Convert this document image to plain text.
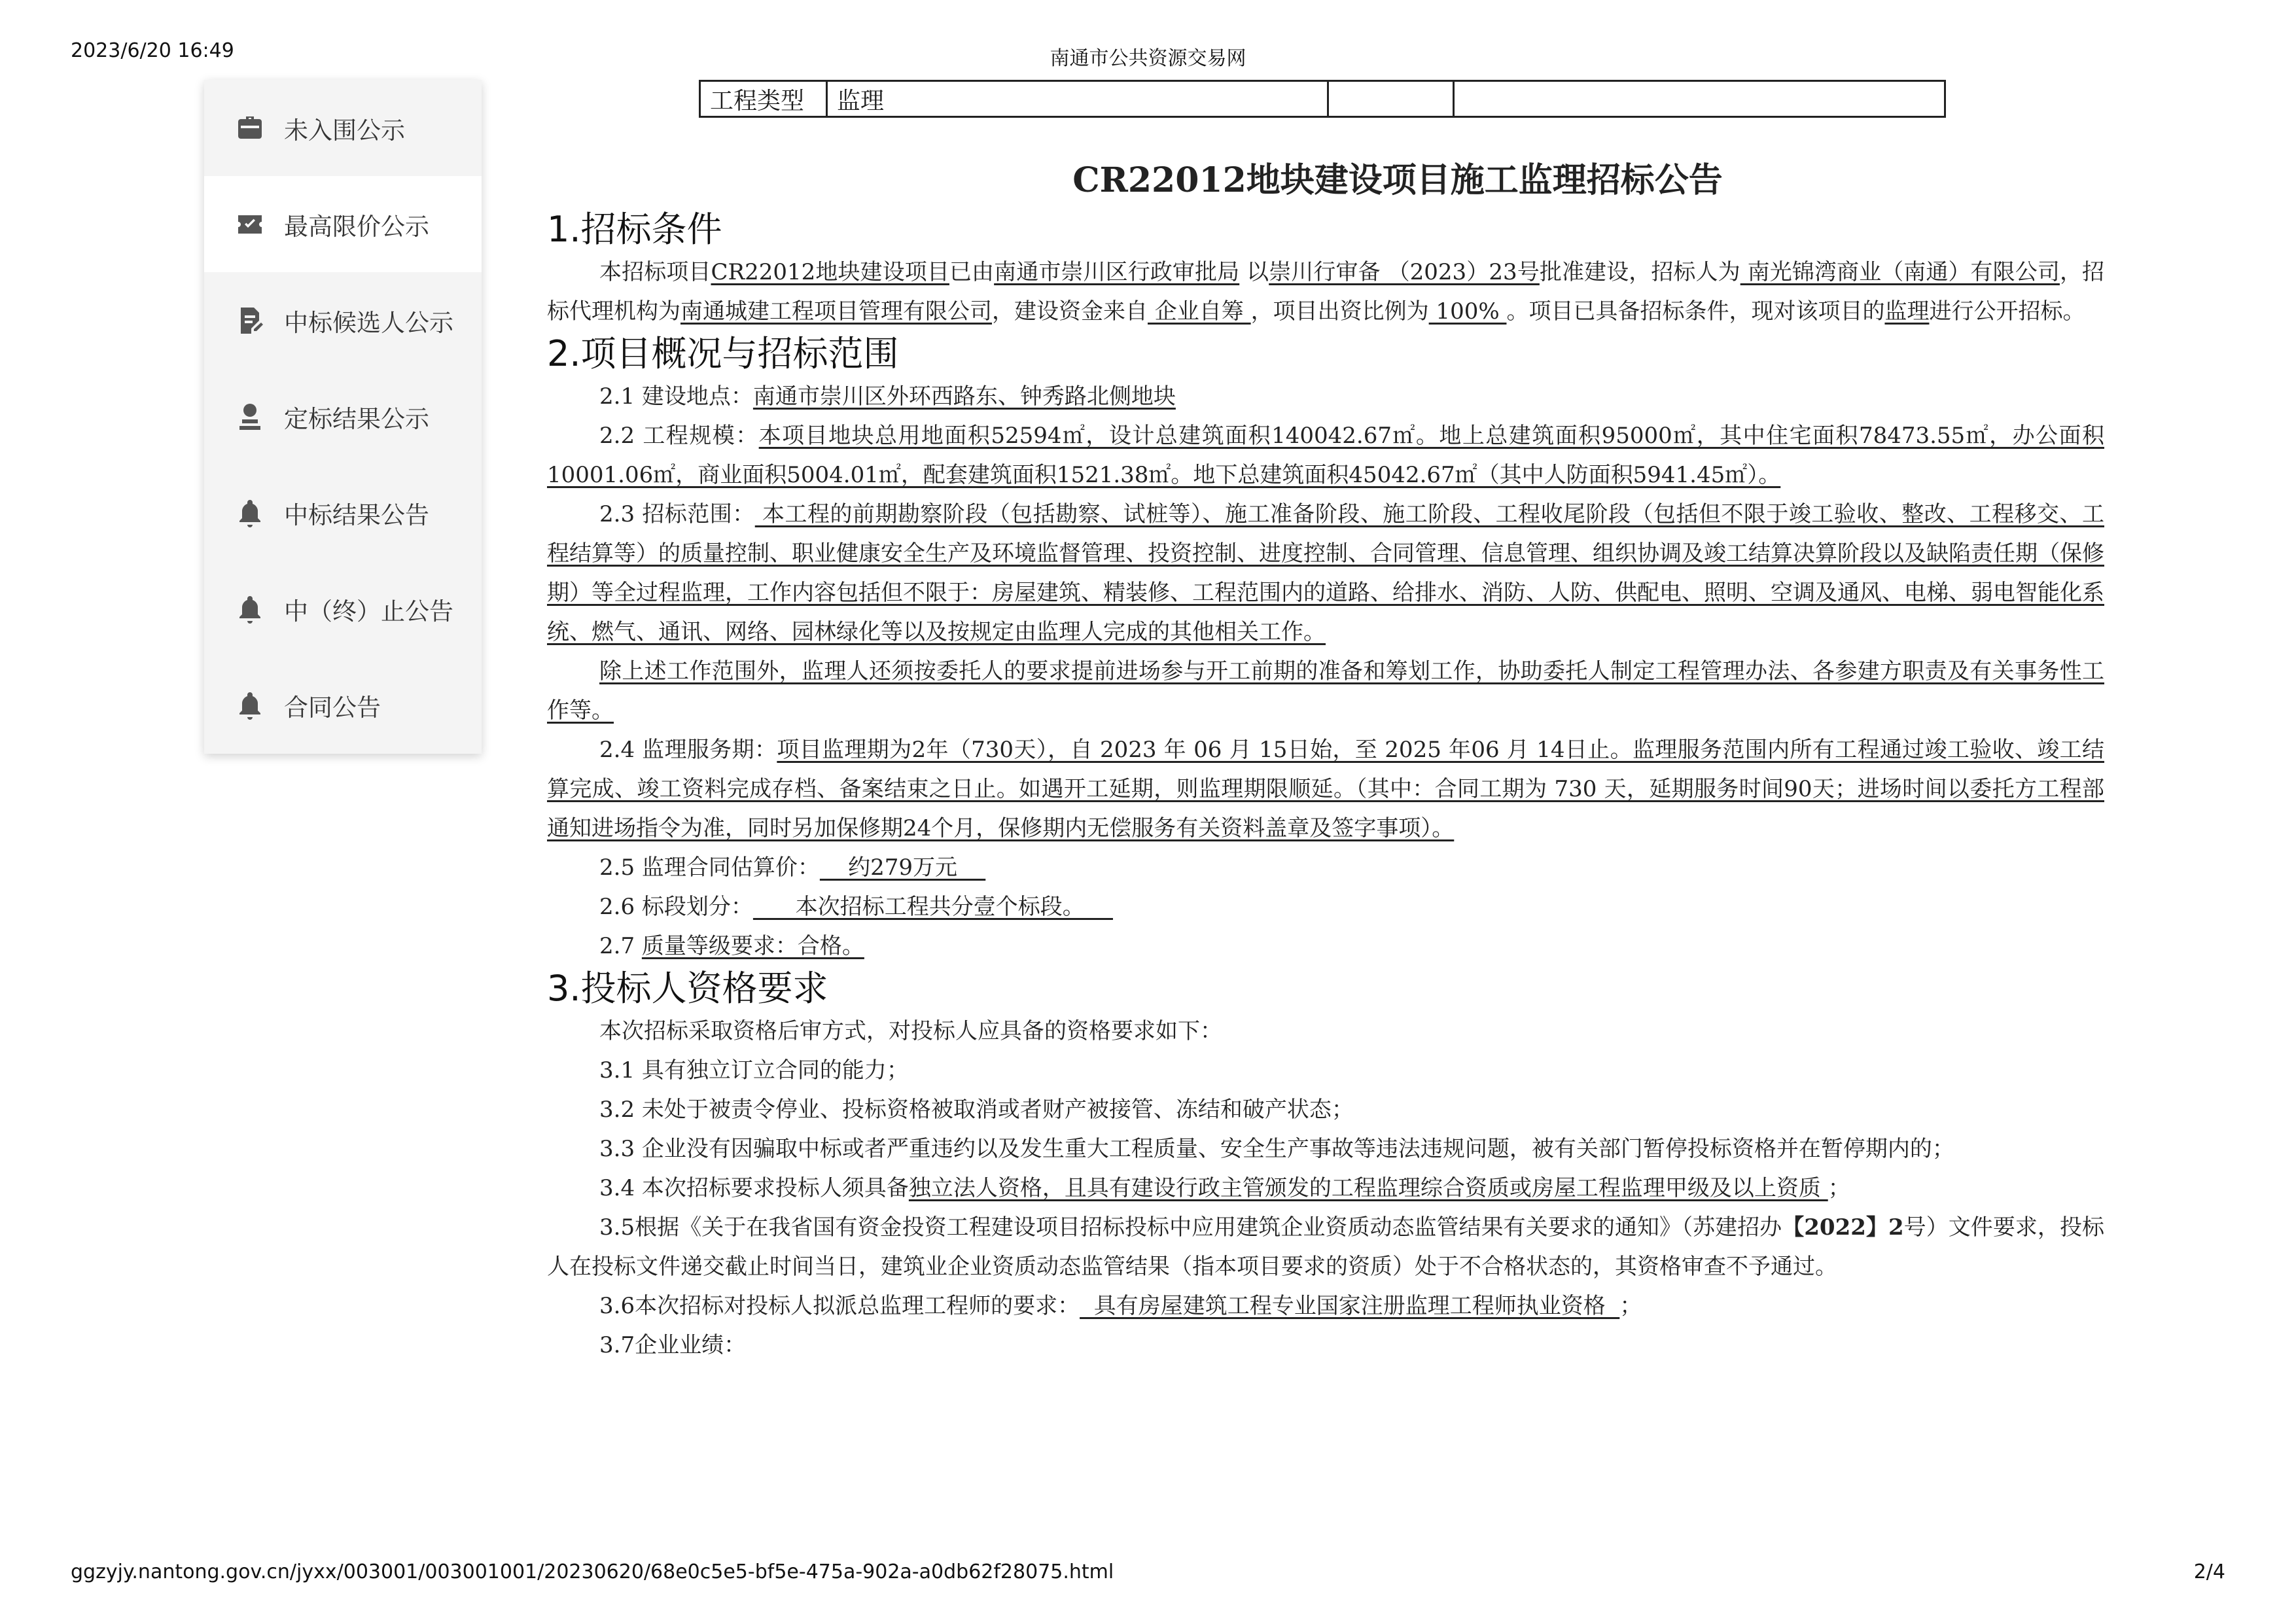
2023/6/20 16:49	南通市公共资源交易网
未入围公示
最高限价公示
中标候选人公示
定标结果公示
中标结果公告
中（终）止公告
合同公告
工程类型	监理
CR22012地块建设项目施工监理招标公告
1.招标条件

本招标项目CR22012地块建设项目已由南通市崇川区行政审批局 以崇川行审备 （2023）23号批准建设，招标人为 南光锦湾商业（南通）有限公司，招标代理机构为南通城建工程项目管理有限公司，建设资金来自 企业自筹 ，项目出资比例为 100% 。项目已具备招标条件，现对该项目的监理进行公开招标。

2.项目概况与招标范围

2.1 建设地点：南通市崇川区外环西路东、钟秀路北侧地块

2.2 工程规模：本项目地块总用地面积52594㎡，设计总建筑面积140042.67㎡。地上总建筑面积95000㎡，其中住宅面积78473.55㎡，办公面积 10001.06㎡，商业面积5004.01㎡，配套建筑面积1521.38㎡。地下总建筑面积45042.67㎡（其中人防面积5941.45㎡）。

2.3 招标范围： 本工程的前期勘察阶段（包括勘察、试桩等）、施工准备阶段、施工阶段、工程收尾阶段（包括但不限于竣工验收、整改、工程移交、工程结算等）的质量控制、职业健康安全生产及环境监督管理、投资控制、进度控制、合同管理、信息管理、组织协调及竣工结算决算阶段以及缺陷责任期（保修期）等全过程监理，工作内容包括但不限于：房屋建筑、精装修、工程范围内的道路、给排水、消防、人防、供配电、照明、空调及通风、电梯、弱电智能化系统、燃气、通讯、网络、园林绿化等以及按规定由监理人完成的其他相关工作。

除上述工作范围外，监理人还须按委托人的要求提前进场参与开工前期的准备和筹划工作，协助委托人制定工程管理办法、各参建方职责及有关事务性工作等。

2.4 监理服务期：项目监理期为2年（730天），自 2023 年 06 月 15日始，至 2025 年06 月 14日止。监理服务范围内所有工程通过竣工验收、竣工结算完成、竣工资料完成存档、备案结束之日止。如遇开工延期，则监理期限顺延。（其中：合同工期为 730 天，延期服务时间90天；进场时间以委托方工程部通知进场指令为准，同时另加保修期24个月，保修期内无偿服务有关资料盖章及签字事项）。

2.5 监理合同估算价：    约279万元

2.6 标段划分：      本次招标工程共分壹个标段。

2.7 质量等级要求：合格。

3.投标人资格要求

本次招标采取资格后审方式，对投标人应具备的资格要求如下：

3.1 具有独立订立合同的能力；

3.2 未处于被责令停业、投标资格被取消或者财产被接管、冻结和破产状态；

3.3 企业没有因骗取中标或者严重违约以及发生重大工程质量、安全生产事故等违法违规问题，被有关部门暂停投标资格并在暂停期内的；

3.4 本次招标要求投标人须具备独立法人资格，且具有建设行政主管颁发的工程监理综合资质或房屋工程监理甲级及以上资质 ；

3.5根据《关于在我省国有资金投资工程建设项目招标投标中应用建筑企业资质动态监管结果有关要求的通知》（苏建招办【2022】2号）文件要求，投标人在投标文件递交截止时间当日，建筑业企业资质动态监管结果（指本项目要求的资质）处于不合格状态的，其资格审查不予通过。

3.6本次招标对投标人拟派总监理工程师的要求：  具有房屋建筑工程专业国家注册监理工程师执业资格  ；

3.7企业业绩：

ggzyjy.nantong.gov.cn/jyxx/003001/003001001/20230620/68e0c5e5-bf5e-475a-902a-a0db62f28075.html	2/4
